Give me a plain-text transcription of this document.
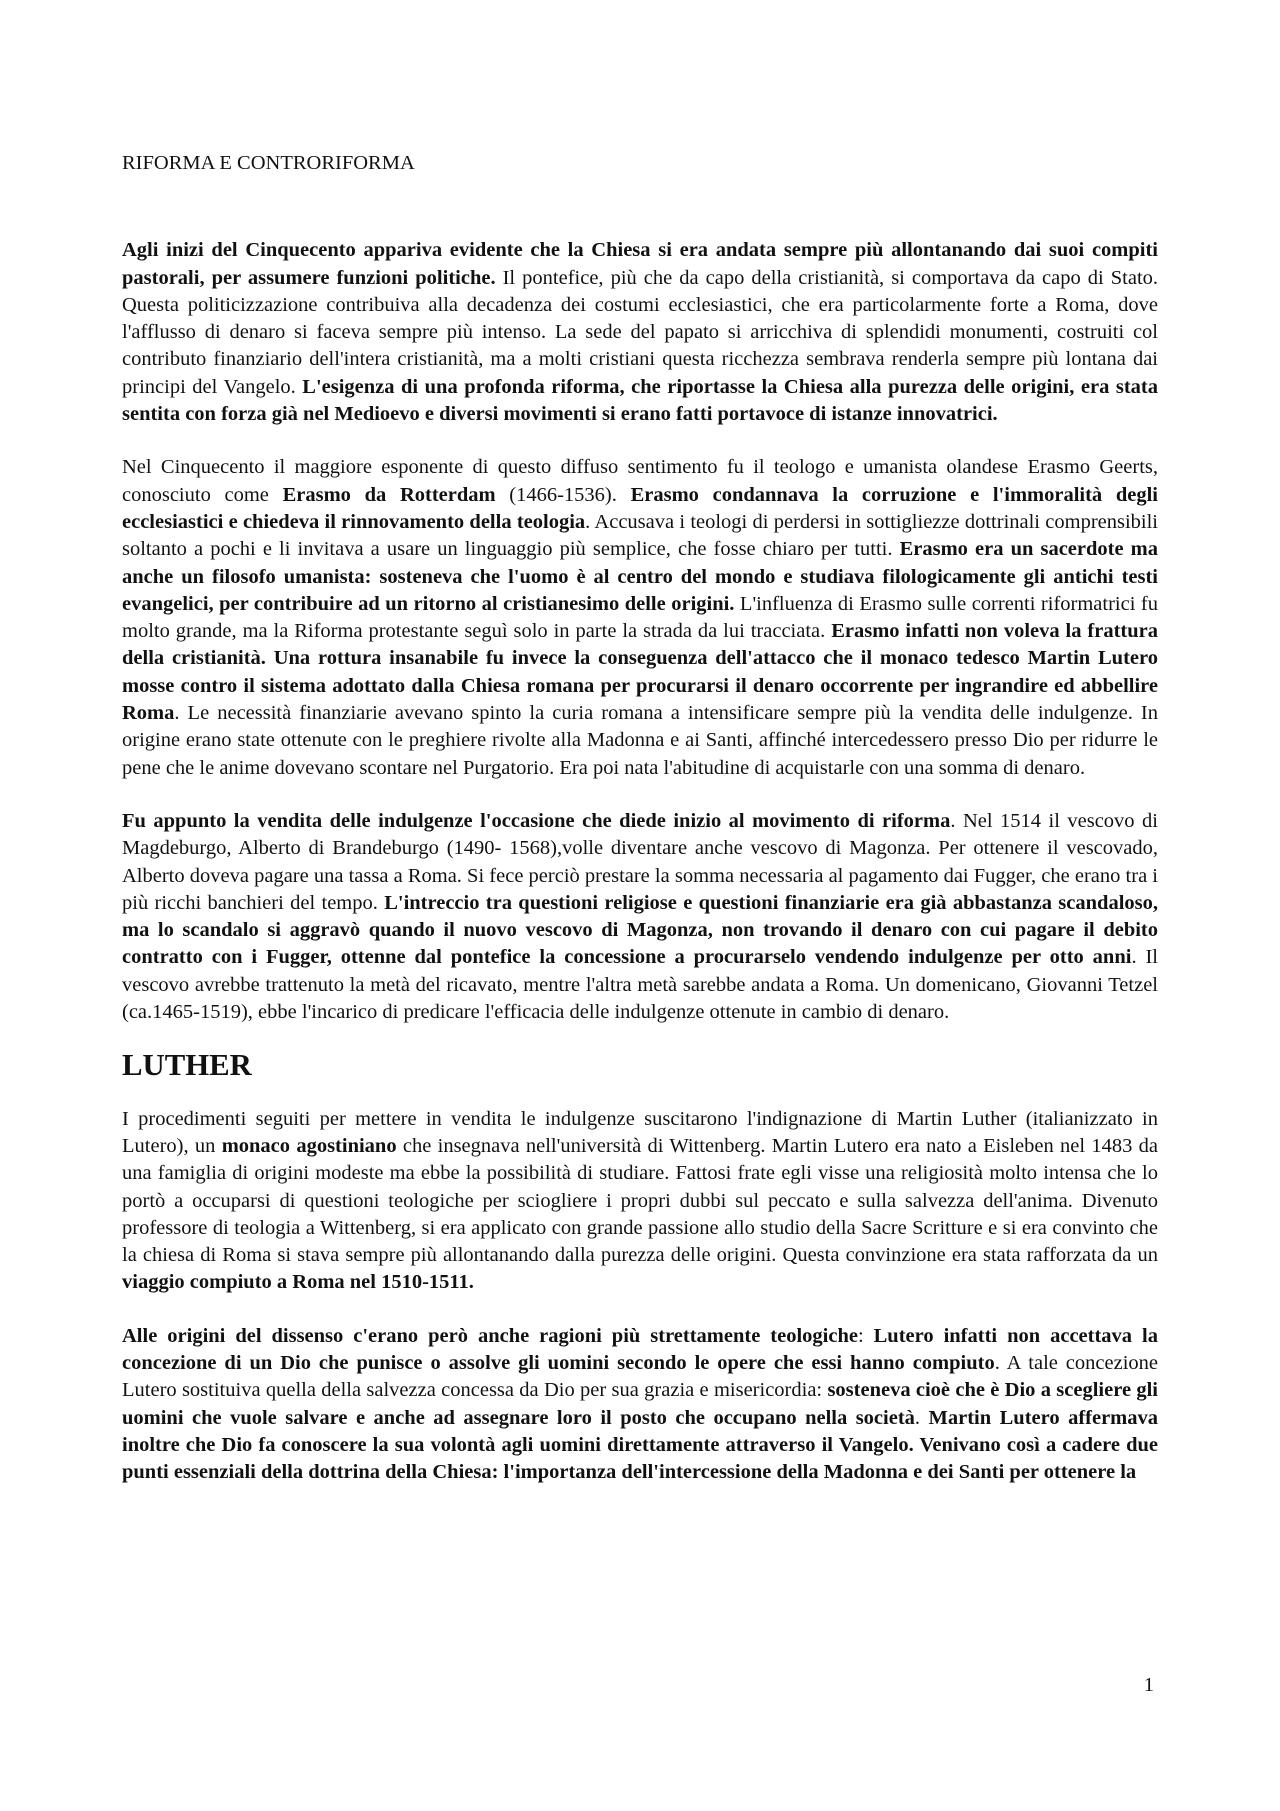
RIFORMA E CONTRORIFORMA

Agli inizi del Cinquecento appariva evidente che la Chiesa si era andata sempre più allontanando dai suoi compiti pastorali, per assumere funzioni politiche. Il pontefice, più che da capo della cristianità, si comportava da capo di Stato. Questa politicizzazione contribuiva alla decadenza dei costumi ecclesiastici, che era particolarmente forte a Roma, dove l'afflusso di denaro si faceva sempre più intenso. La sede del papato si arricchiva di splendidi monumenti, costruiti col contributo finanziario dell'intera cristianità, ma a molti cristiani questa ricchezza sembrava renderla sempre più lontana dai principi del Vangelo. L'esigenza di una profonda riforma, che riportasse la Chiesa alla purezza delle origini, era stata sentita con forza già nel Medioevo e diversi movimenti si erano fatti portavoce di istanze innovatrici.

Nel Cinquecento il maggiore esponente di questo diffuso sentimento fu il teologo e umanista olandese Erasmo Geerts, conosciuto come Erasmo da Rotterdam (1466-1536). Erasmo condannava la corruzione e l'immoralità degli ecclesiastici e chiedeva il rinnovamento della teologia. Accusava i teologi di perdersi in sottigliezze dottrinali comprensibili soltanto a pochi e li invitava a usare un linguaggio più semplice, che fosse chiaro per tutti. Erasmo era un sacerdote ma anche un filosofo umanista: sosteneva che l'uomo è al centro del mondo e studiava filologicamente gli antichi testi evangelici, per contribuire ad un ritorno al cristianesimo delle origini. L'influenza di Erasmo sulle correnti riformatrici fu molto grande, ma la Riforma protestante seguì solo in parte la strada da lui tracciata. Erasmo infatti non voleva la frattura della cristianità. Una rottura insanabile fu invece la conseguenza dell'attacco che il monaco tedesco Martin Lutero mosse contro il sistema adottato dalla Chiesa romana per procurarsi il denaro occorrente per ingrandire ed abbellire Roma. Le necessità finanziarie avevano spinto la curia romana a intensificare sempre più la vendita delle indulgenze. In origine erano state ottenute con le preghiere rivolte alla Madonna e ai Santi, affinché intercedessero presso Dio per ridurre le pene che le anime dovevano scontare nel Purgatorio. Era poi nata l'abitudine di acquistarle con una somma di denaro.

Fu appunto la vendita delle indulgenze l'occasione che diede inizio al movimento di riforma. Nel 1514 il vescovo di Magdeburgo, Alberto di Brandeburgo (1490- 1568),volle diventare anche vescovo di Magonza. Per ottenere il vescovado, Alberto doveva pagare una tassa a Roma. Si fece perciò prestare la somma necessaria al pagamento dai Fugger, che erano tra i più ricchi banchieri del tempo. L'intreccio tra questioni religiose e questioni finanziarie era già abbastanza scandaloso, ma lo scandalo si aggravò quando il nuovo vescovo di Magonza, non trovando il denaro con cui pagare il debito contratto con i Fugger, ottenne dal pontefice la concessione a procurarselo vendendo indulgenze per otto anni. Il vescovo avrebbe trattenuto la metà del ricavato, mentre l'altra metà sarebbe andata a Roma. Un domenicano, Giovanni Tetzel (ca.1465-1519), ebbe l'incarico di predicare l'efficacia delle indulgenze ottenute in cambio di denaro.

LUTHER

I procedimenti seguiti per mettere in vendita le indulgenze suscitarono l'indignazione di Martin Luther (italianizzato in Lutero), un monaco agostiniano che insegnava nell'università di Wittenberg. Martin Lutero era nato a Eisleben nel 1483 da una famiglia di origini modeste ma ebbe la possibilità di studiare. Fattosi frate egli visse una religiosità molto intensa che lo portò a occuparsi di questioni teologiche per sciogliere i propri dubbi sul peccato e sulla salvezza dell'anima. Divenuto professore di teologia a Wittenberg, si era applicato con grande passione allo studio della Sacre Scritture e si era convinto che la chiesa di Roma si stava sempre più allontanando dalla purezza delle origini. Questa convinzione era stata rafforzata da un viaggio compiuto a Roma nel 1510-1511.

Alle origini del dissenso c'erano però anche ragioni più strettamente teologiche: Lutero infatti non accettava la concezione di un Dio che punisce o assolve gli uomini secondo le opere che essi hanno compiuto. A tale concezione Lutero sostituiva quella della salvezza concessa da Dio per sua grazia e misericordia: sosteneva cioè che è Dio a scegliere gli uomini che vuole salvare e anche ad assegnare loro il posto che occupano nella società. Martin Lutero affermava inoltre che Dio fa conoscere la sua volontà agli uomini direttamente attraverso il Vangelo. Venivano così a cadere due punti essenziali della dottrina della Chiesa: l'importanza dell'intercessione della Madonna e dei Santi per ottenere la

1
